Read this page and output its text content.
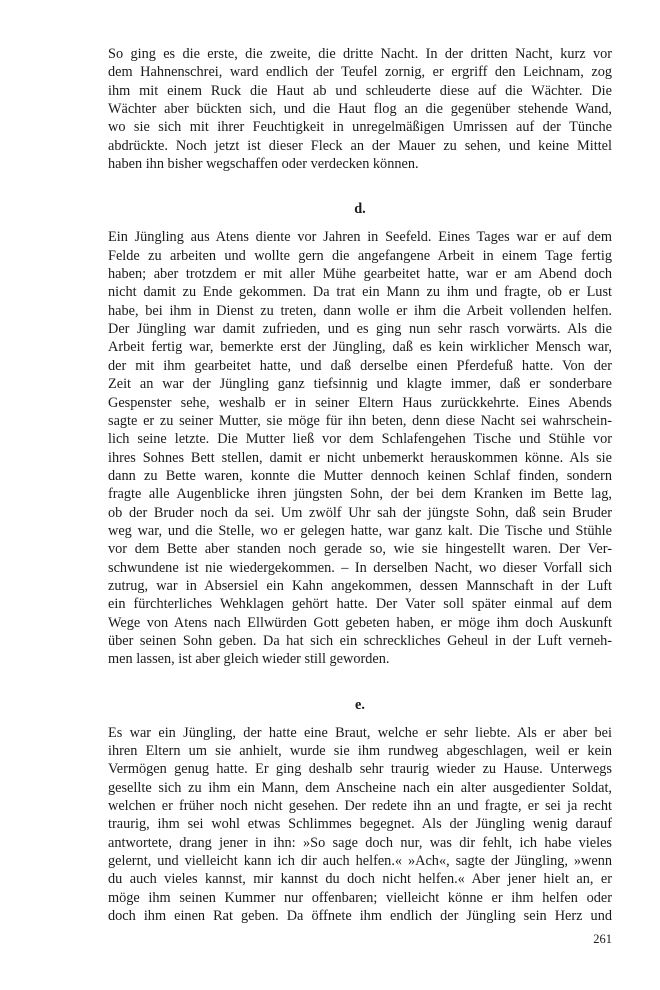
So ging es die erste, die zweite, die dritte Nacht. In der dritten Nacht, kurz vor
dem Hahnenschrei, ward endlich der Teufel zornig, er ergriff den Leichnam, zog
ihm mit einem Ruck die Haut ab und schleuderte diese auf die Wächter. Die
Wächter aber bückten sich, und die Haut flog an die gegenüber stehende Wand,
wo sie sich mit ihrer Feuchtigkeit in unregelmäßigen Umrissen auf der Tünche
abdrückte. Noch jetzt ist dieser Fleck an der Mauer zu sehen, und keine Mittel
haben ihn bisher wegschaffen oder verdecken können.
d.
Ein Jüngling aus Atens diente vor Jahren in Seefeld. Eines Tages war er auf dem
Felde zu arbeiten und wollte gern die angefangene Arbeit in einem Tage fertig
haben; aber trotzdem er mit aller Mühe gearbeitet hatte, war er am Abend doch
nicht damit zu Ende gekommen. Da trat ein Mann zu ihm und fragte, ob er Lust
habe, bei ihm in Dienst zu treten, dann wolle er ihm die Arbeit vollenden helfen.
Der Jüngling war damit zufrieden, und es ging nun sehr rasch vorwärts. Als die
Arbeit fertig war, bemerkte erst der Jüngling, daß es kein wirklicher Mensch war,
der mit ihm gearbeitet hatte, und daß derselbe einen Pferdefuß hatte. Von der
Zeit an war der Jüngling ganz tiefsinnig und klagte immer, daß er sonderbare
Gespenster sehe, weshalb er in seiner Eltern Haus zurückkehrte. Eines Abends
sagte er zu seiner Mutter, sie möge für ihn beten, denn diese Nacht sei wahrschein-
lich seine letzte. Die Mutter ließ vor dem Schlafengehen Tische und Stühle vor
ihres Sohnes Bett stellen, damit er nicht unbemerkt herauskommen könne. Als sie
dann zu Bette waren, konnte die Mutter dennoch keinen Schlaf finden, sondern
fragte alle Augenblicke ihren jüngsten Sohn, der bei dem Kranken im Bette lag,
ob der Bruder noch da sei. Um zwölf Uhr sah der jüngste Sohn, daß sein Bruder
weg war, und die Stelle, wo er gelegen hatte, war ganz kalt. Die Tische und Stühle
vor dem Bette aber standen noch gerade so, wie sie hingestellt waren. Der Ver-
schwundene ist nie wiedergekommen. – In derselben Nacht, wo dieser Vorfall sich
zutrug, war in Absersiel ein Kahn angekommen, dessen Mannschaft in der Luft
ein fürchterliches Wehklagen gehört hatte. Der Vater soll später einmal auf dem
Wege von Atens nach Ellwürden Gott gebeten haben, er möge ihm doch Auskunft
über seinen Sohn geben. Da hat sich ein schreckliches Geheul in der Luft verneh-
men lassen, ist aber gleich wieder still geworden.
e.
Es war ein Jüngling, der hatte eine Braut, welche er sehr liebte. Als er aber bei
ihren Eltern um sie anhielt, wurde sie ihm rundweg abgeschlagen, weil er kein
Vermögen genug hatte. Er ging deshalb sehr traurig wieder zu Hause. Unterwegs
gesellte sich zu ihm ein Mann, dem Anscheine nach ein alter ausgedienter Soldat,
welchen er früher noch nicht gesehen. Der redete ihn an und fragte, er sei ja recht
traurig, ihm sei wohl etwas Schlimmes begegnet. Als der Jüngling wenig darauf
antwortete, drang jener in ihn: »So sage doch nur, was dir fehlt, ich habe vieles
gelernt, und vielleicht kann ich dir auch helfen.« »Ach«, sagte der Jüngling, »wenn
du auch vieles kannst, mir kannst du doch nicht helfen.« Aber jener hielt an, er
möge ihm seinen Kummer nur offenbaren; vielleicht könne er ihm helfen oder
doch ihm einen Rat geben. Da öffnete ihm endlich der Jüngling sein Herz und
261
